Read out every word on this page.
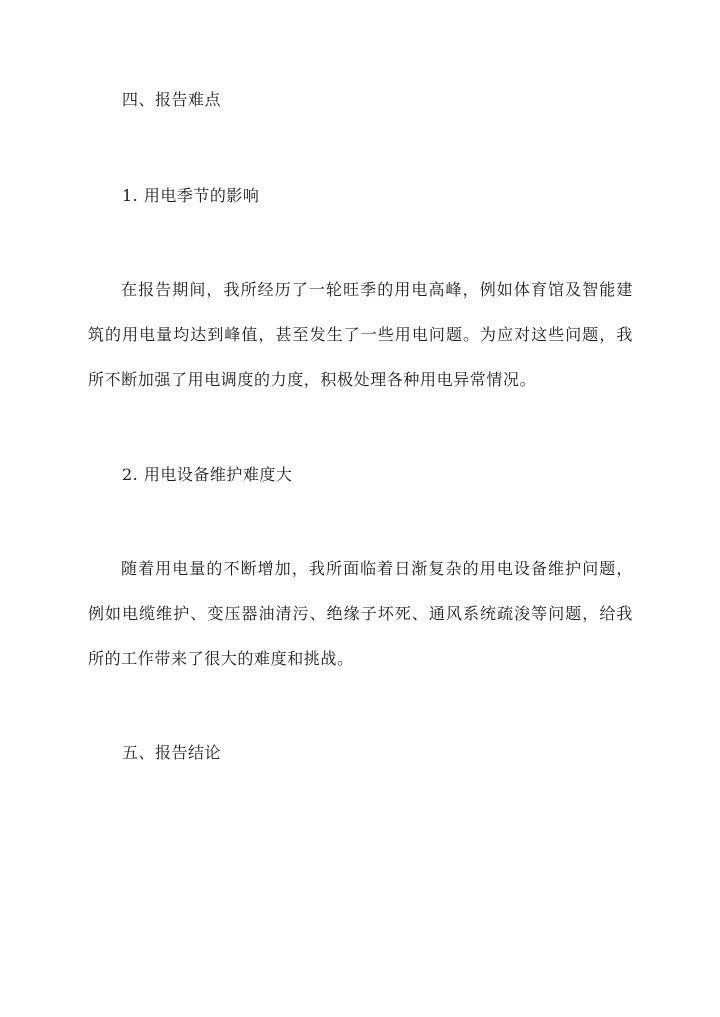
四、报告难点
1. 用电季节的影响
在报告期间，我所经历了一轮旺季的用电高峰，例如体育馆及智能建筑的用电量均达到峰值，甚至发生了一些用电问题。为应对这些问题，我所不断加强了用电调度的力度，积极处理各种用电异常情况。
2. 用电设备维护难度大
随着用电量的不断增加，我所面临着日渐复杂的用电设备维护问题，例如电缆维护、变压器油清污、绝缘子坏死、通风系统疏浚等问题，给我所的工作带来了很大的难度和挑战。
五、报告结论
